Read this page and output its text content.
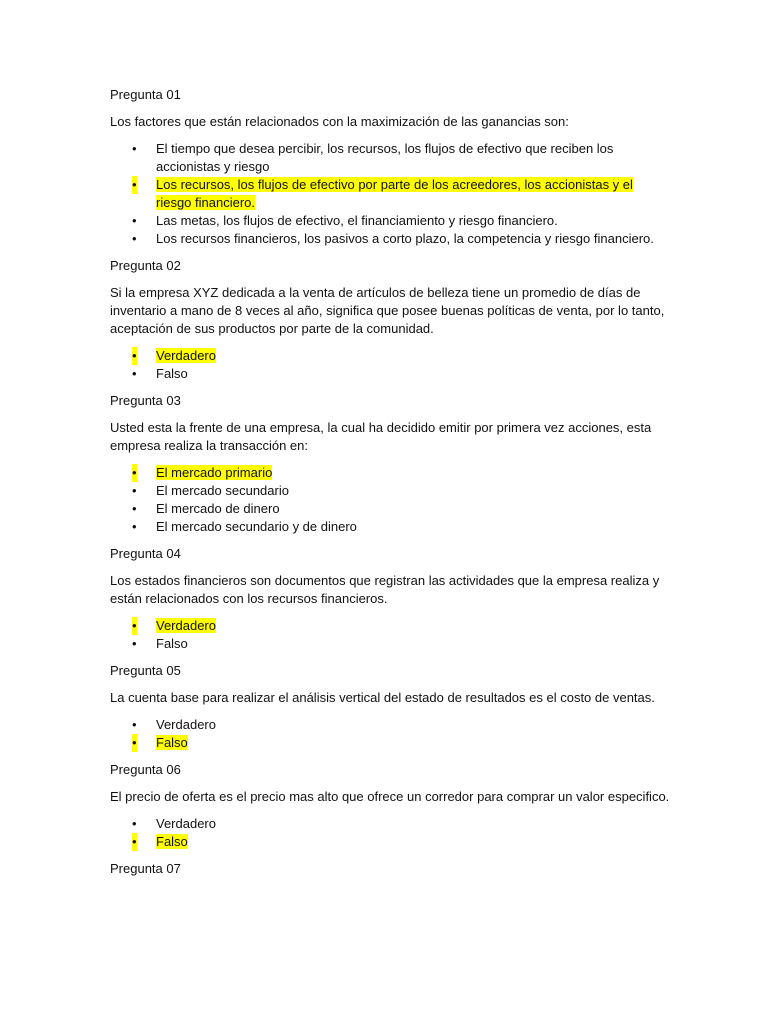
Pregunta 01
Los factores que están relacionados con la maximización de las ganancias son:
• El tiempo que desea percibir, los recursos, los flujos de efectivo que reciben los accionistas y riesgo
• Los recursos, los flujos de efectivo por parte de los acreedores, los accionistas y el riesgo financiero.
• Las metas, los flujos de efectivo, el financiamiento y riesgo financiero.
• Los recursos financieros, los pasivos a corto plazo, la competencia y riesgo financiero.
Pregunta 02
Si la empresa XYZ dedicada a la venta de artículos de belleza tiene un promedio de días de inventario a mano de 8 veces al año, significa que posee buenas políticas de venta, por lo tanto, aceptación de sus productos por parte de la comunidad.
• Verdadero
• Falso
Pregunta 03
Usted esta la frente de una empresa, la cual ha decidido emitir por primera vez acciones, esta empresa realiza la transacción en:
• El mercado primario
• El mercado secundario
• El mercado de dinero
• El mercado secundario y de dinero
Pregunta 04
Los estados financieros son documentos que registran las actividades que la empresa realiza y están relacionados con los recursos financieros.
• Verdadero
• Falso
Pregunta 05
La cuenta base para realizar el análisis vertical del estado de resultados es el costo de ventas.
• Verdadero
• Falso
Pregunta 06
El precio de oferta es el precio mas alto que ofrece un corredor para comprar un valor especifico.
• Verdadero
• Falso
Pregunta 07
